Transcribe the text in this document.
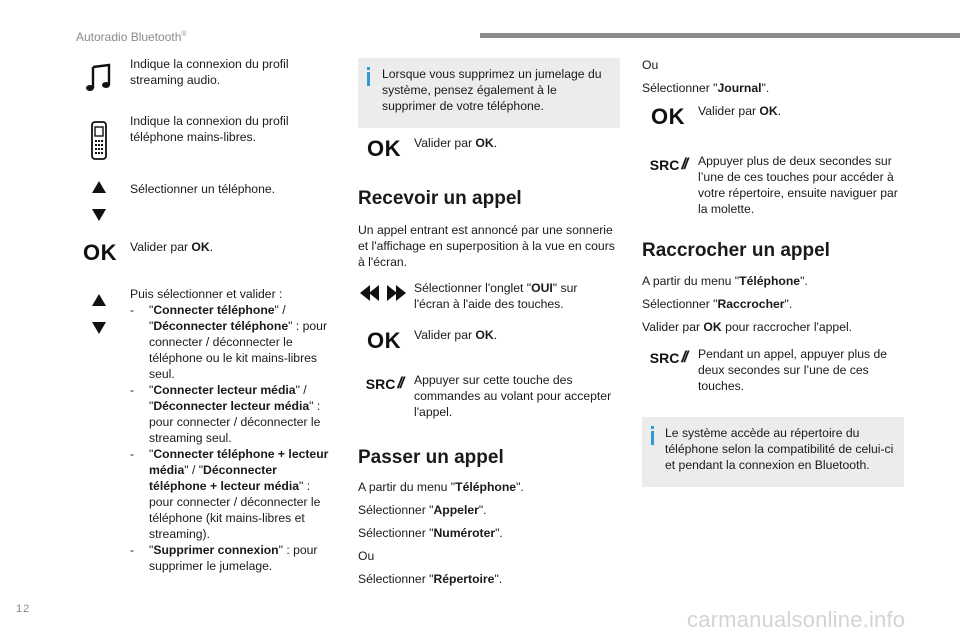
Autoradio Bluetooth®
Indique la connexion du profil streaming audio.
Indique la connexion du profil téléphone mains-libres.
Sélectionner un téléphone.
OK Valider par OK.
Puis sélectionner et valider :
-	"Connecter téléphone" /
"Déconnecter téléphone" : pour connecter / déconnecter le téléphone ou le kit mains-libres seul.
-	"Connecter lecteur média" /
"Déconnecter lecteur média" : pour connecter / déconnecter le streaming seul.
-	"Connecter téléphone + lecteur média" / "Déconnecter téléphone + lecteur média" : pour connecter / déconnecter le téléphone (kit mains-libres et streaming).
-	"Supprimer connexion" : pour supprimer le jumelage.
Lorsque vous supprimez un jumelage du système, pensez également à le supprimer de votre téléphone.
OK Valider par OK.
Recevoir un appel
Un appel entrant est annoncé par une sonnerie et l'affichage en superposition à la vue en cours à l'écran.
Sélectionner l'onglet "OUI" sur l'écran à l'aide des touches.
OK Valider par OK.
SRC // Appuyer sur cette touche des commandes au volant pour accepter l'appel.
Passer un appel
A partir du menu "Téléphone".
Sélectionner "Appeler".
Sélectionner "Numéroter".
Ou
Sélectionner "Répertoire".
Ou
Sélectionner "Journal".
OK Valider par OK.
SRC // Appuyer plus de deux secondes sur l’une de ces touches pour accéder à votre répertoire, ensuite naviguer par la molette.
Raccrocher un appel
A partir du menu "Téléphone".
Sélectionner "Raccrocher".
Valider par OK pour raccrocher l'appel.
SRC // Pendant un appel, appuyer plus de deux secondes sur l’une de ces touches.
Le système accède au répertoire du téléphone selon la compatibilité de celui-ci et pendant la connexion en Bluetooth.
12	carmanualsonline.info
